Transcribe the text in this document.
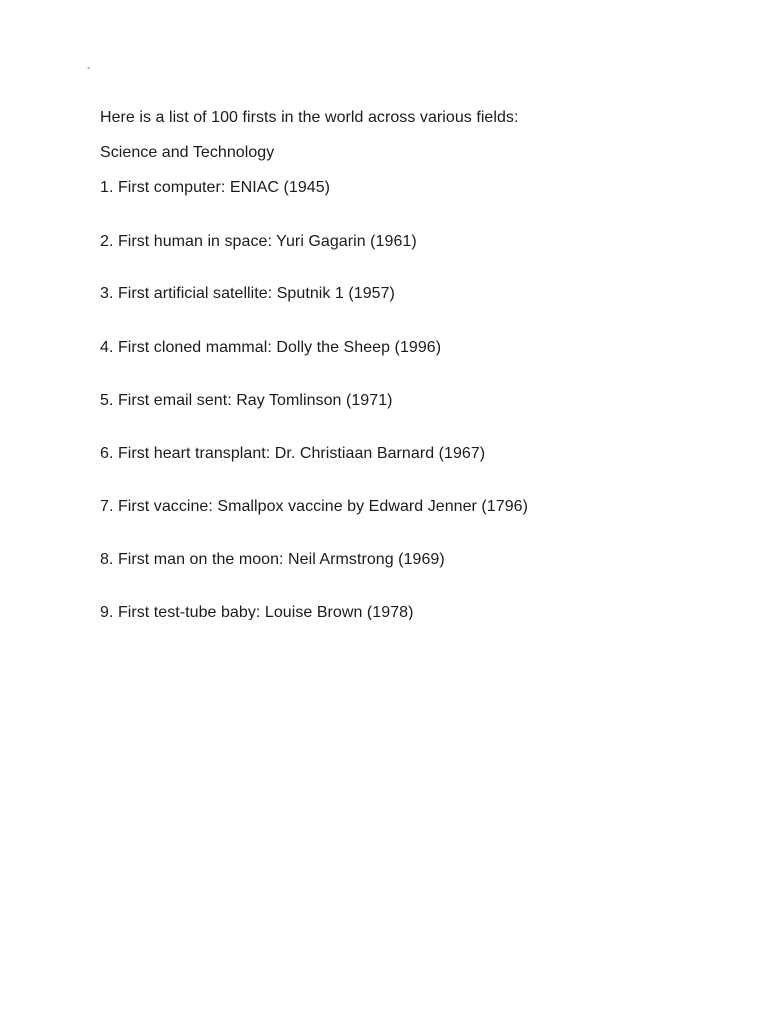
´
Here is a list of 100 firsts in the world across various fields:
Science and Technology
1. First computer: ENIAC (1945)
2. First human in space: Yuri Gagarin (1961)
3. First artificial satellite: Sputnik 1 (1957)
4. First cloned mammal: Dolly the Sheep (1996)
5. First email sent: Ray Tomlinson (1971)
6. First heart transplant: Dr. Christiaan Barnard (1967)
7. First vaccine: Smallpox vaccine by Edward Jenner (1796)
8. First man on the moon: Neil Armstrong (1969)
9. First test-tube baby: Louise Brown (1978)
